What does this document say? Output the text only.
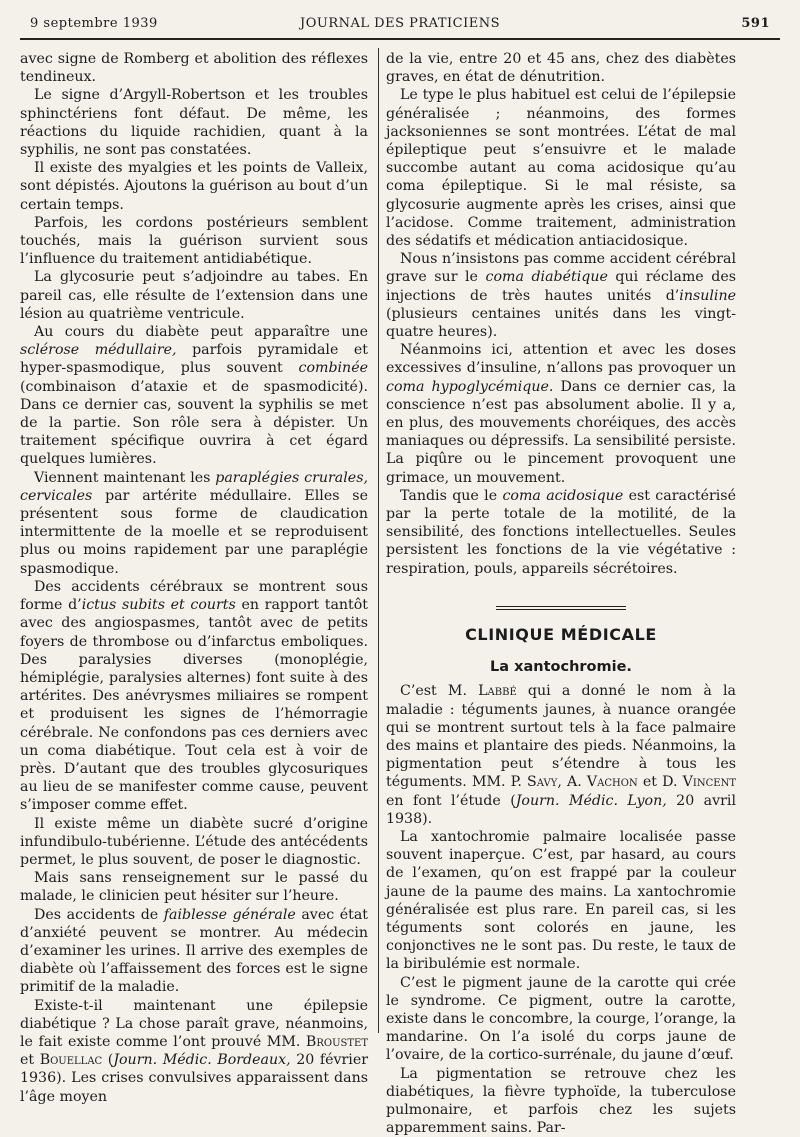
9 septembre 1939	JOURNAL DES PRATICIENS	591

avec signe de Romberg et abolition des réflexes tendineux.

Le signe d’Argyll-Robertson et les troubles sphinctériens font défaut. De même, les réactions du liquide rachidien, quant à la syphilis, ne sont pas constatées.

Il existe des myalgies et les points de Valleix, sont dépistés. Ajoutons la guérison au bout d’un certain temps.

Parfois, les cordons postérieurs semblent touchés, mais la guérison survient sous l’influence du traitement antidiabétique.

La glycosurie peut s’adjoindre au tabes. En pareil cas, elle résulte de l’extension dans une lésion au quatrième ventricule.

Au cours du diabète peut apparaître une sclérose médullaire, parfois pyramidale et hyper-spasmodique, plus souvent combinée (combinaison d’ataxie et de spasmodicité). Dans ce dernier cas, souvent la syphilis se met de la partie. Son rôle sera à dépister. Un traitement spécifique ouvrira à cet égard quelques lumières.

Viennent maintenant les paraplégies crurales, cervicales par artérite médullaire. Elles se présentent sous forme de claudication intermittente de la moelle et se reproduisent plus ou moins rapidement par une paraplégie spasmodique.

Des accidents cérébraux se montrent sous forme d’ictus subits et courts en rapport tantôt avec des angiospasmes, tantôt avec de petits foyers de thrombose ou d’infarctus emboliques. Des paralysies diverses (monoplégie, hémiplégie, paralysies alternes) font suite à des artérites. Des anévrysmes miliaires se rompent et produisent les signes de l’hémorragie cérébrale. Ne confondons pas ces derniers avec un coma diabétique. Tout cela est à voir de près. D’autant que des troubles glycosuriques au lieu de se manifester comme cause, peuvent s’imposer comme effet.

Il existe même un diabète sucré d’origine infundibulo-tubérienne. L’étude des antécédents permet, le plus souvent, de poser le diagnostic.

Mais sans renseignement sur le passé du malade, le clinicien peut hésiter sur l’heure.

Des accidents de faiblesse générale avec état d’anxiété peuvent se montrer. Au médecin d’examiner les urines. Il arrive des exemples de diabète où l’affaissement des forces est le signe primitif de la maladie.

Existe-t-il maintenant une épilepsie diabétique ? La chose paraît grave, néanmoins, le fait existe comme l’ont prouvé MM. Broustet et Bouellac (Journ. Médic. Bordeaux, 20 février 1936). Les crises convulsives apparaissent dans l’âge moyen

de la vie, entre 20 et 45 ans, chez des diabètes graves, en état de dénutrition.

Le type le plus habituel est celui de l’épilepsie généralisée ; néanmoins, des formes jacksoniennes se sont montrées. L’état de mal épileptique peut s’ensuivre et le malade succombe autant au coma acidosique qu’au coma épileptique. Si le mal résiste, sa glycosurie augmente après les crises, ainsi que l’acidose. Comme traitement, administration des sédatifs et médication antiacidosique.

Nous n’insistons pas comme accident cérébral grave sur le coma diabétique qui réclame des injections de très hautes unités d’insuline (plusieurs centaines unités dans les vingt-quatre heures).

Néanmoins ici, attention et avec les doses excessives d’insuline, n’allons pas provoquer un coma hypoglycémique. Dans ce dernier cas, la conscience n’est pas absolument abolie. Il y a, en plus, des mouvements choréiques, des accès maniaques ou dépressifs. La sensibilité persiste. La piqûre ou le pincement provoquent une grimace, un mouvement.

Tandis que le coma acidosique est caractérisé par la perte totale de la motilité, de la sensibilité, des fonctions intellectuelles. Seules persistent les fonctions de la vie végétative : respiration, pouls, appareils sécrétoires.

CLINIQUE MÉDICALE
La xantochromie.

C’est M. Labbé qui a donné le nom à la maladie : téguments jaunes, à nuance orangée qui se montrent surtout tels à la face palmaire des mains et plantaire des pieds. Néanmoins, la pigmentation peut s’étendre à tous les téguments. MM. P. Savy, A. Vachon et D. Vincent en font l’étude (Journ. Médic. Lyon, 20 avril 1938).

La xantochromie palmaire localisée passe souvent inaperçue. C’est, par hasard, au cours de l’examen, qu’on est frappé par la couleur jaune de la paume des mains. La xantochromie généralisée est plus rare. En pareil cas, si les téguments sont colorés en jaune, les conjonctives ne le sont pas. Du reste, le taux de la biribulémie est normale.

C’est le pigment jaune de la carotte qui crée le syndrome. Ce pigment, outre la carotte, existe dans le concombre, la courge, l’orange, la mandarine. On l’a isolé du corps jaune de l’ovaire, de la cortico-surrénale, du jaune d’œuf.

La pigmentation se retrouve chez les diabétiques, la fièvre typhoïde, la tuberculose pulmonaire, et parfois chez les sujets apparemment sains. Par-
